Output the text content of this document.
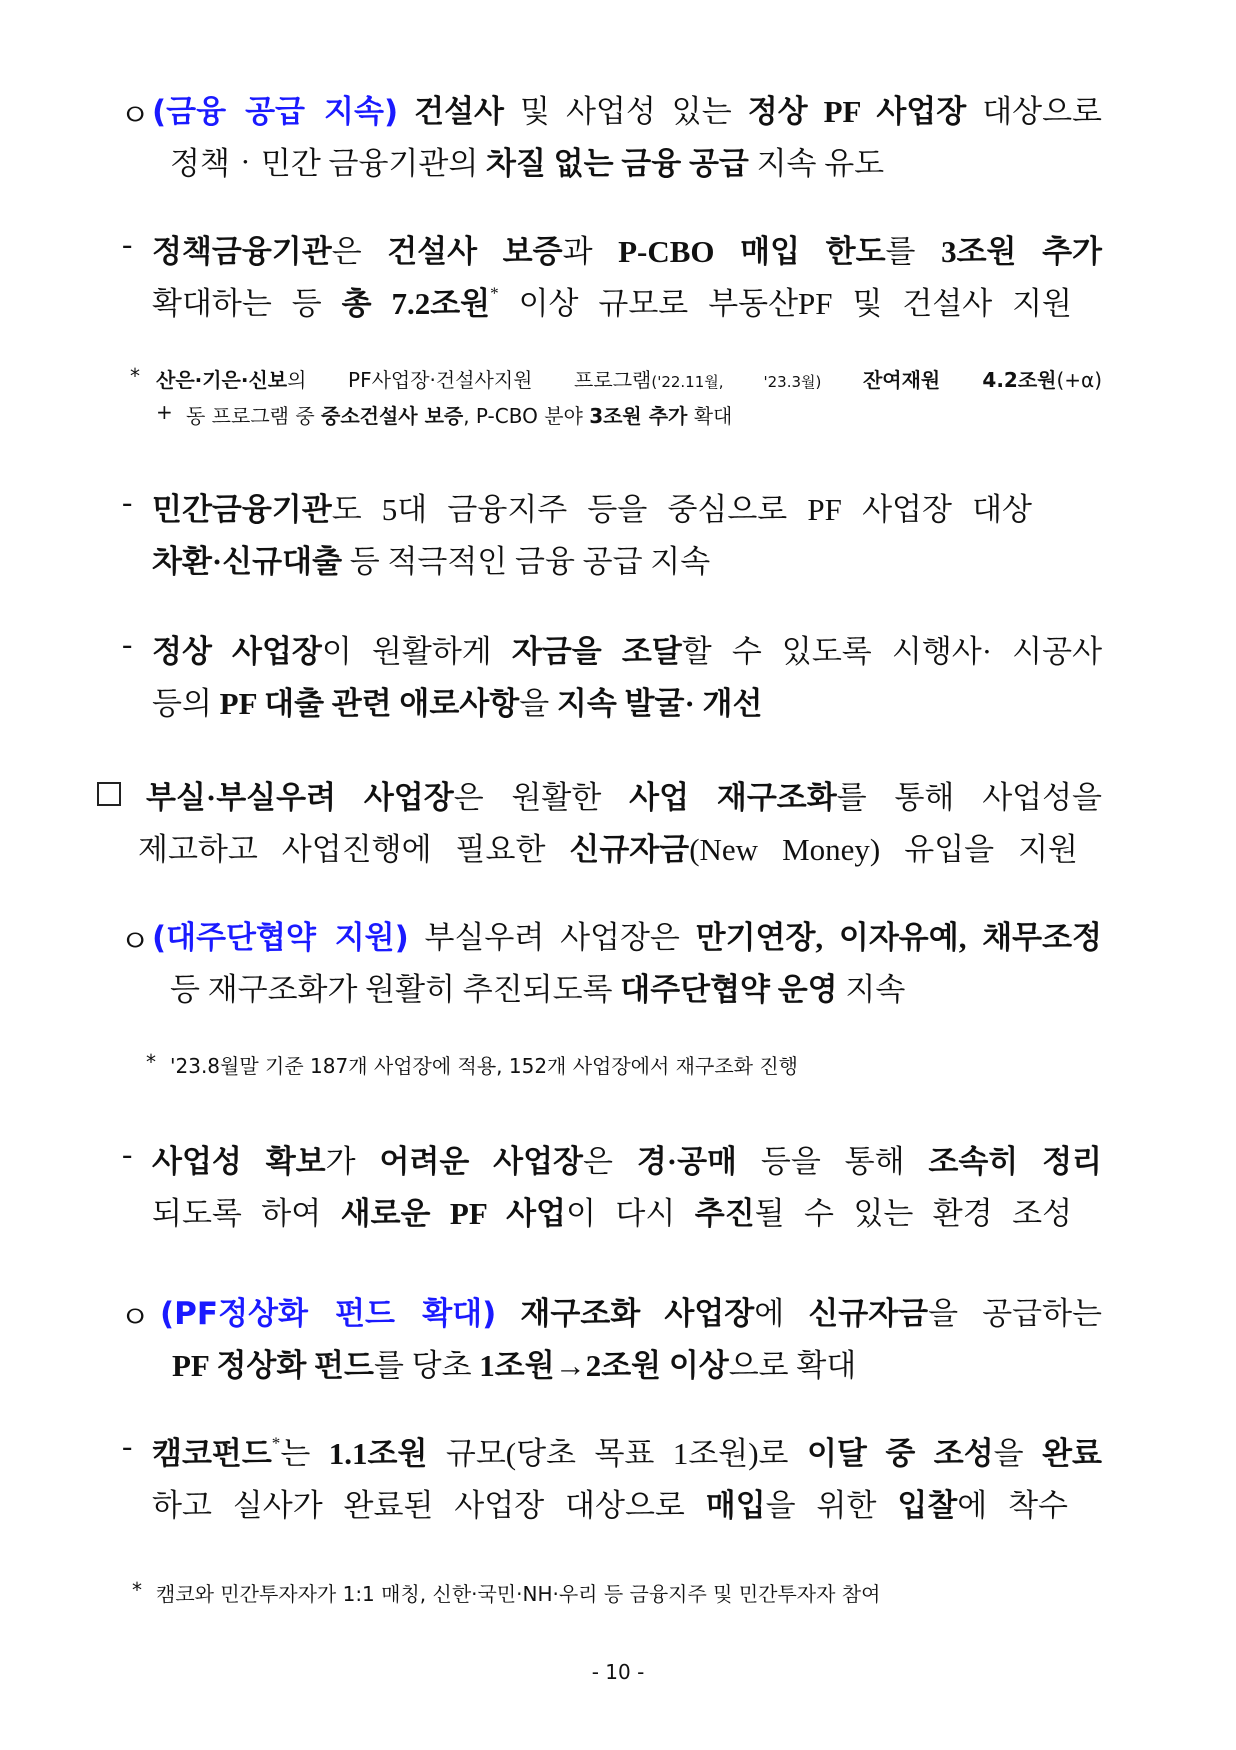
ㅇ (금융 공급 지속) 건설사 및 사업성 있는 정상 PF 사업장 대상으로
정책‧민간 금융기관의 차질 없는 금융 공급 지속 유도
- 정책금융기관은 건설사 보증과 P-CBO 매입 한도를 3조원 추가
확대하는 등 총 7.2조원* 이상 규모로 부동산PF 및 건설사 지원
* 산은·기은·신보의 PF사업장·건설사지원 프로그램('22.11월, '23.3월) 잔여재원 4.2조원(+α)
+ 동 프로그램 중 중소건설사 보증, P-CBO 분야 3조원 추가 확대
- 민간금융기관도 5대 금융지주 등을 중심으로 PF 사업장 대상
차환·신규대출 등 적극적인 금융 공급 지속
- 정상 사업장이 원활하게 자금을 조달할 수 있도록 시행사· 시공사
등의 PF 대출 관련 애로사항을 지속 발굴· 개선
부실·부실우려 사업장은 원활한 사업 재구조화를 통해 사업성을
제고하고 사업진행에 필요한 신규자금(New Money) 유입을 지원
ㅇ (대주단협약 지원) 부실우려 사업장은 만기연장, 이자유예, 채무조정
등 재구조화가 원활히 추진되도록 대주단협약 운영 지속
* '23.8월말 기준 187개 사업장에 적용, 152개 사업장에서 재구조화 진행
- 사업성 확보가 어려운 사업장은 경·공매 등을 통해 조속히 정리
되도록 하여 새로운 PF 사업이 다시 추진될 수 있는 환경 조성
ㅇ (PF정상화 펀드 확대) 재구조화 사업장에 신규자금을 공급하는
PF 정상화 펀드를 당초 1조원→2조원 이상으로 확대
- 캠코펀드*는 1.1조원 규모(당초 목표 1조원)로 이달 중 조성을 완료
하고 실사가 완료된 사업장 대상으로 매입을 위한 입찰에 착수
* 캠코와 민간투자자가 1:1 매칭, 신한·국민·NH·우리 등 금융지주 및 민간투자자 참여
- 10 -
